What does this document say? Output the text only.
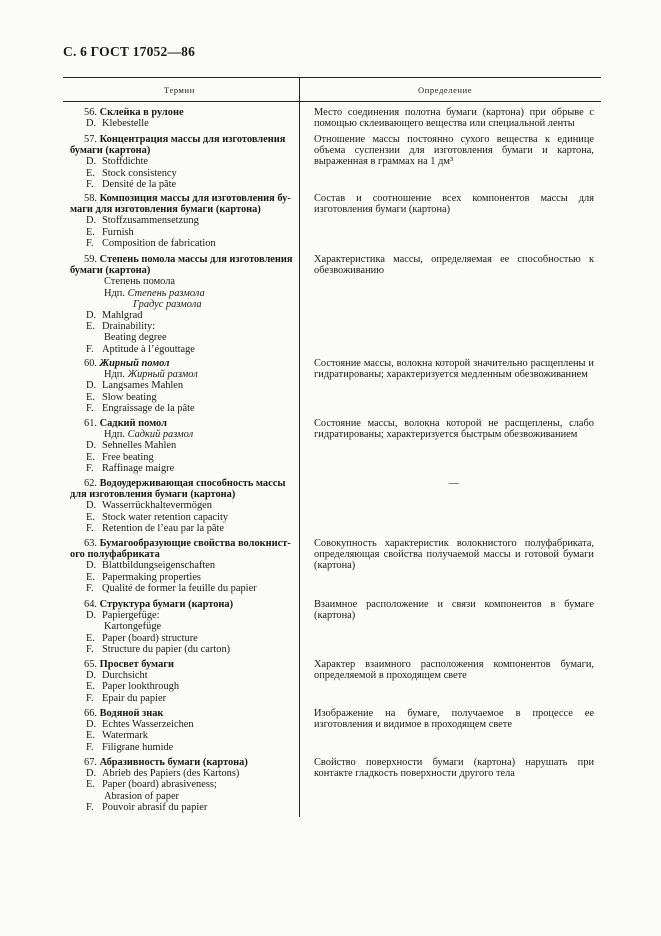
С. 6 ГОСТ 17052—86
Термин	Определение
56. Склейка в рулоне
D. Klebestelle
Место соединения полотна бумаги (картона) при обрыве с помощью склеивающего вещества или специальной ленты
57. Концентрация массы для изготовления
бумаги (картона)
D. Stoffdichte
E. Stock consistency
F. Densité de la pâte
Отношение массы постоянно сухого вещества к единице объема суспензии для изготовления бумаги и картона, выраженная в граммах на 1 дм³
58. Композиция массы для изготовления бу-
маги для изготовления бумаги (картона)
D. Stoffzusammensetzung
E. Furnish
F. Composition de fabrication
Состав и соотношение всех компонентов массы для изготовления бумаги (картона)
59. Степень помола массы для изготовления
бумаги (картона)
Степень помола
Ндп. Степень размола
Градус размола
D. Mahlgrad
E. Drainability:
Beating degree
F. Aptitude à l’égouttage
Характеристика массы, определяемая ее способностью к обезвоживанию
60. Жирный помол
Ндп. Жирный размол
D. Langsames Mahlen
E. Slow beating
F. Engraissage de la pâte
Состояние массы, волокна которой значительно расщеплены и гидратированы; характеризуется медленным обезвоживанием
61. Садкий помол
Ндп. Садкий размол
D. Sehnelles Mahlen
E. Free beating
F. Raffinage maigre
Состояние массы, волокна которой не расщеплены, слабо гидратированы; характеризуется быстрым обезвоживанием
62. Водоудерживающая способность массы
для изготовления бумаги (картона)
D. Wasserrückhaltevermögen
E. Stock water retention capacity
F. Retention de l’eau par la pâte
—
63. Бумагообразующие свойства волокнист-
ого полуфабриката
D. Blattbildungseigenschaften
E. Papermaking properties
F. Qualité de former la feuille du papier
Совокупность характеристик волокнистого полуфабриката, определяющая свойства получаемой массы и готовой бумаги (картона)
64. Структура бумаги (картона)
D. Papiergefüge:
Kartongefüge
E. Paper (board) structure
F. Structure du papier (du carton)
Взаимное расположение и связи компонентов в бумаге (картона)
65. Просвет бумаги
D. Durchsicht
E. Paper lookthrough
F. Epair du papier
Характер взаимного расположения компонентов бумаги, определяемой в проходящем свете
66. Водяной знак
D. Echtes Wasserzeichen
E. Watermark
F. Filigrane humide
Изображение на бумаге, получаемое в процессе ее изготовления и видимое в проходящем свете
67. Абразивность бумаги (картона)
D. Abrieb des Papiers (des Kartons)
E. Paper (board) abrasiveness;
Abrasion of paper
F. Pouvoir abrasif du papier
Свойство поверхности бумаги (картона) нарушать при контакте гладкость поверхности другого тела
